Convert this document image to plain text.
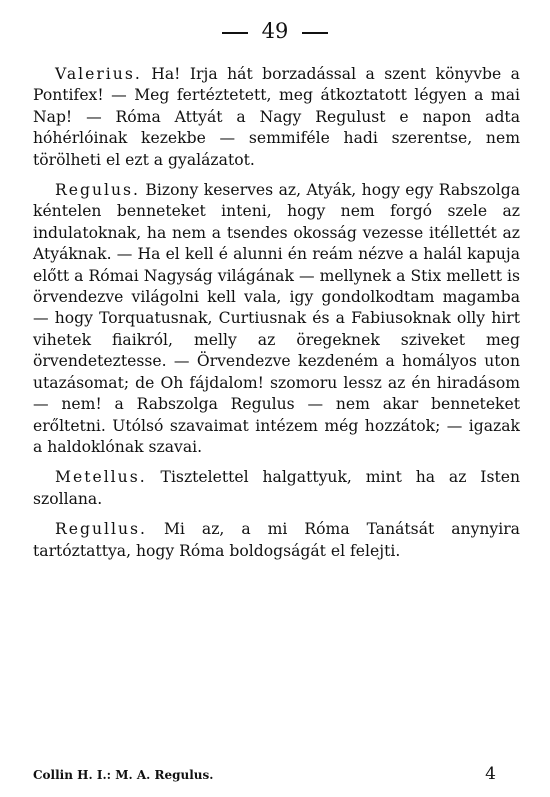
49

Valerius. Ha! Irja hát borzadással a szent könyvbe a Pontifex! — Meg fertéztetett, meg átkoztatott légyen a mai Nap! — Róma Attyát a Nagy Regulust e napon adta hóhérlóinak kezekbe — semmiféle hadi szerentse, nem törölheti el ezt a gyalázatot.

Regulus. Bizony keserves az, Atyák, hogy egy Rabszolga kéntelen benneteket inteni, hogy nem forgó szele az indulatoknak, ha nem a tsendes okosság vezesse itéllettét az Atyáknak. — Ha el kell é alunni én reám nézve a halál kapuja előtt a Római Nagyság világának — mellynek a Stix mellett is örvendezve világolni kell vala, igy gondolkodtam magamba — hogy Torquatusnak, Curtiusnak és a Fabiusoknak olly hirt vihetek fiaikról, melly az öregeknek sziveket meg örvendeteztesse. — Örvendezve kezdeném a homályos uton utazásomat; de Oh fájdalom! szomoru lessz az én hiradásom — nem! a Rabszolga Regulus — nem akar benneteket erőltetni. Utólsó szavaimat intézem még hozzátok; — igazak a haldoklónak szavai.

Metellus. Tisztelettel halgattyuk, mint ha az Isten szollana.

Regullus. Mi az, a mi Róma Tanátsát anynyira tartóztattya, hogy Róma boldogságát el felejti.

Collin H. I.: M. A. Regulus.	4
